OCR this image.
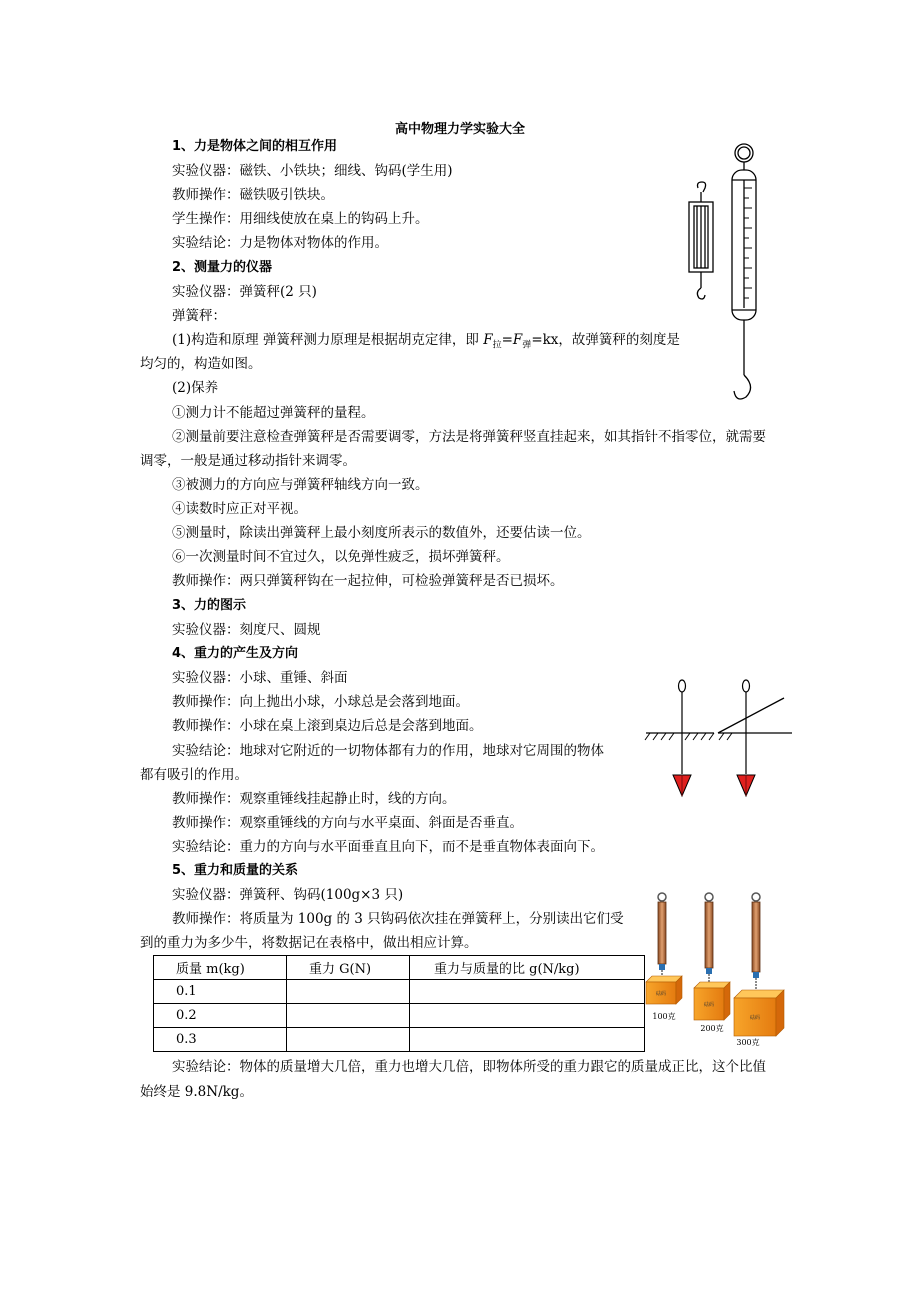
高中物理力学实验大全
1、力是物体之间的相互作用
实验仪器：磁铁、小铁块；细线、钩码(学生用)
教师操作：磁铁吸引铁块。
学生操作：用细线使放在桌上的钩码上升。
实验结论：力是物体对物体的作用。
2、测量力的仪器
实验仪器：弹簧秤(2 只)
弹簧秤：
(1)构造和原理 弹簧秤测力原理是根据胡克定律，即 $F_拉=F_弹=kx$，故弹簧秤的刻度是
均匀的，构造如图。
(2)保养
①测力计不能超过弹簧秤的量程。
②测量前要注意检查弹簧秤是否需要调零，方法是将弹簧秤竖直挂起来，如其指针不指零位，就需要
调零，一般是通过移动指针来调零。
③被测力的方向应与弹簧秤轴线方向一致。
④读数时应正对平视。
⑤测量时，除读出弹簧秤上最小刻度所表示的数值外，还要估读一位。
⑥一次测量时间不宜过久，以免弹性疲乏，损坏弹簧秤。
教师操作：两只弹簧秤钩在一起拉伸，可检验弹簧秤是否已损坏。
3、力的图示
实验仪器：刻度尺、圆规
4、重力的产生及方向
实验仪器：小球、重锤、斜面
教师操作：向上抛出小球，小球总是会落到地面。
教师操作：小球在桌上滚到桌边后总是会落到地面。
实验结论：地球对它附近的一切物体都有力的作用，地球对它周围的物体
都有吸引的作用。
教师操作：观察重锤线挂起静止时，线的方向。
教师操作：观察重锤线的方向与水平桌面、斜面是否垂直。
实验结论：重力的方向与水平面垂直且向下，而不是垂直物体表面向下。
5、重力和质量的关系
实验仪器：弹簧秤、钩码(100g×3 只)
教师操作：将质量为 100g 的 3 只钩码依次挂在弹簧秤上，分别读出它们受
到的重力为多少牛，将数据记在表格中，做出相应计算。
质量 m(kg)	重力 G(N)	重力与质量的比 g(N/kg)
0.1		
0.2		
0.3		
实验结论：物体的质量增大几倍，重力也增大几倍，即物体所受的重力跟它的质量成正比，这个比值
始终是 9.8N/kg。
砝码
100克
砝码
200克
砝码
300克
